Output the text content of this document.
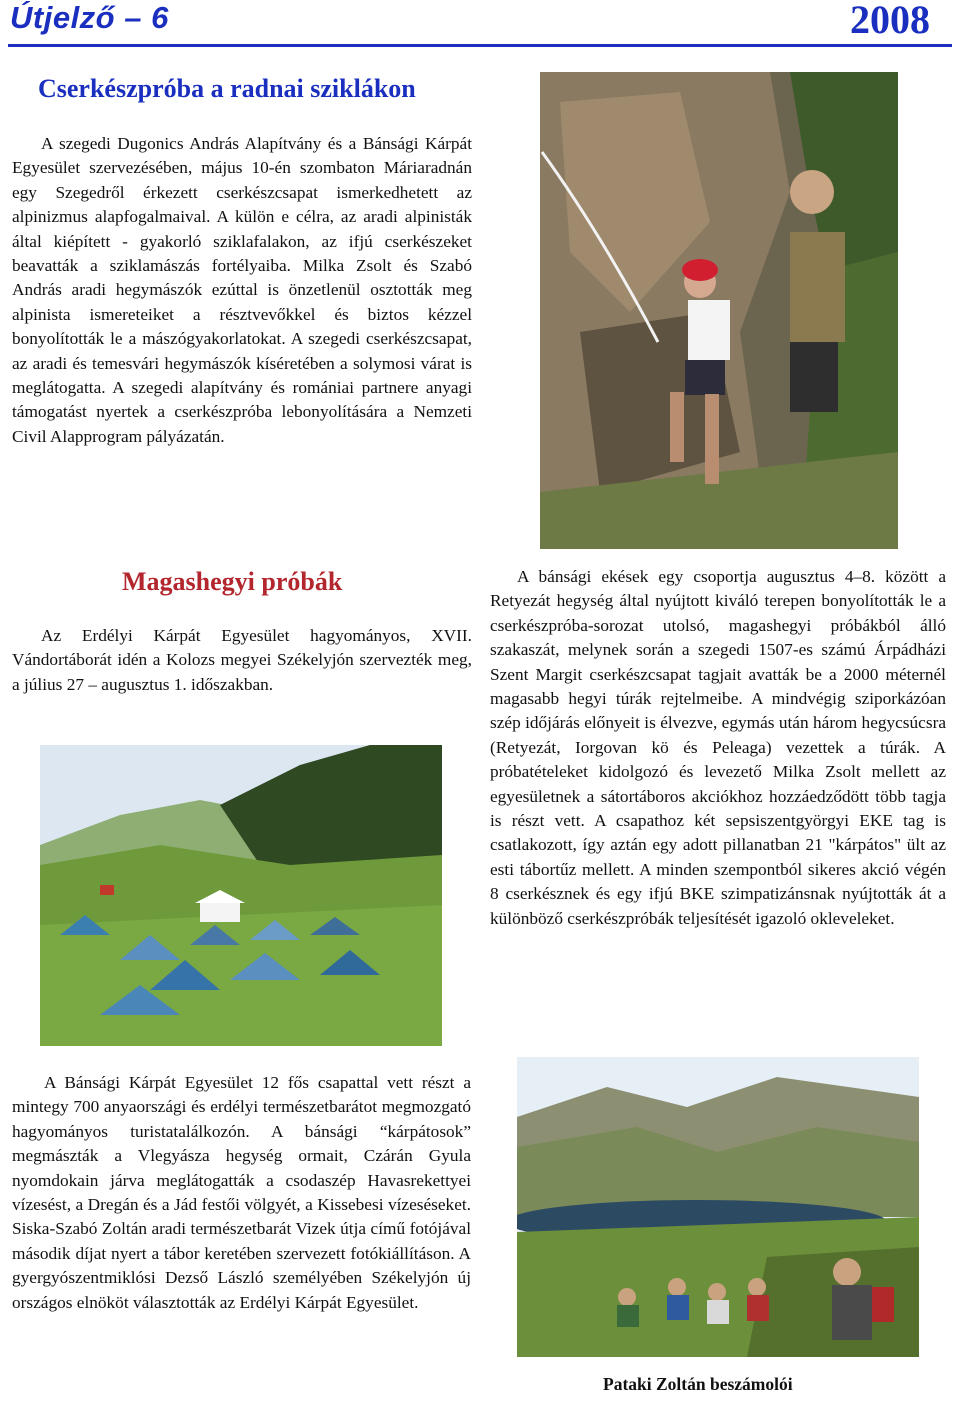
Útjelző – 6	2008
Cserkészpróba a radnai sziklákon

A szegedi Dugonics András Alapítvány és a Bánsági Kárpát Egyesület szervezésében, május 10-én szombaton Máriaradnán egy Szegedről érkezett cserkészcsapat ismerkedhetett az alpinizmus alapfogalmaival. A külön e célra, az aradi alpinisták által kiépített - gyakorló sziklafalakon, az ifjú cserkészeket beavatták a sziklamászás fortélyaiba. Milka Zsolt és Szabó András aradi hegymászók ezúttal is önzetlenül osztották meg alpinista ismereteiket a résztvevőkkel és biztos kézzel bonyolították le a mászógyakorlatokat. A szegedi cserkészcsapat, az aradi és temesvári hegymászók kíséretében a solymosi várat is meglátogatta. A szegedi alapítvány és romániai partnere anyagi támogatást nyertek a cserkészpróba lebonyolítására a Nemzeti Civil Alapprogram pályázatán.

Magashegyi próbák

Az Erdélyi Kárpát Egyesület hagyományos, XVII. Vándortáborát idén a Kolozs megyei Székelyjón szervezték meg, a július 27 – augusztus 1. időszakban.

A bánsági ekések egy csoportja augusztus 4–8. között a Retyezát hegység által nyújtott kiváló terepen bonyolították le a cserkészpróba-sorozat utolsó, magashegyi próbákból álló szakaszát, melynek során a szegedi 1507-es számú Árpádházi Szent Margit cserkészcsapat tagjait avatták be a 2000 méternél magasabb hegyi túrák rejtelmeibe. A mindvégig sziporkázóan szép időjárás előnyeit is élvezve, egymás után három hegycsúcsra (Retyezát, Iorgovan kö és Peleaga) vezettek a túrák. A próbatételeket kidolgozó és levezető Milka Zsolt mellett az egyesületnek a sátortáboros akciókhoz hozzáedződött több tagja is részt vett. A csapathoz két sepsiszentgyörgyi EKE tag is csatlakozott, így aztán egy adott pillanatban 21 "kárpátos" ült az esti tábortűz mellett. A minden szempontból sikeres akció végén 8 cserkésznek és egy ifjú BKE szimpatizánsnak nyújtották át a különböző cserkészpróbák teljesítését igazoló okleveleket.

A Bánsági Kárpát Egyesület 12 fős csapattal vett részt a mintegy 700 anyaországi és erdélyi természetbarátot megmozgató hagyományos turistatalálkozón. A bánsági “kárpátosok” megmászták a Vlegyásza hegység ormait, Czárán Gyula nyomdokain járva meglátogatták a csodaszép Havasrekettyei vízesést, a Dregán és a Jád festői völgyét, a Kissebesi vízeséseket. Siska-Szabó Zoltán aradi természetbarát Vizek útja című fotójával második díjat nyert a tábor keretében szervezett fotókiállításon. A gyergyószentmiklósi Dezső László személyében Székelyjón új országos elnököt választották az Erdélyi Kárpát Egyesület.

Pataki Zoltán beszámolói
